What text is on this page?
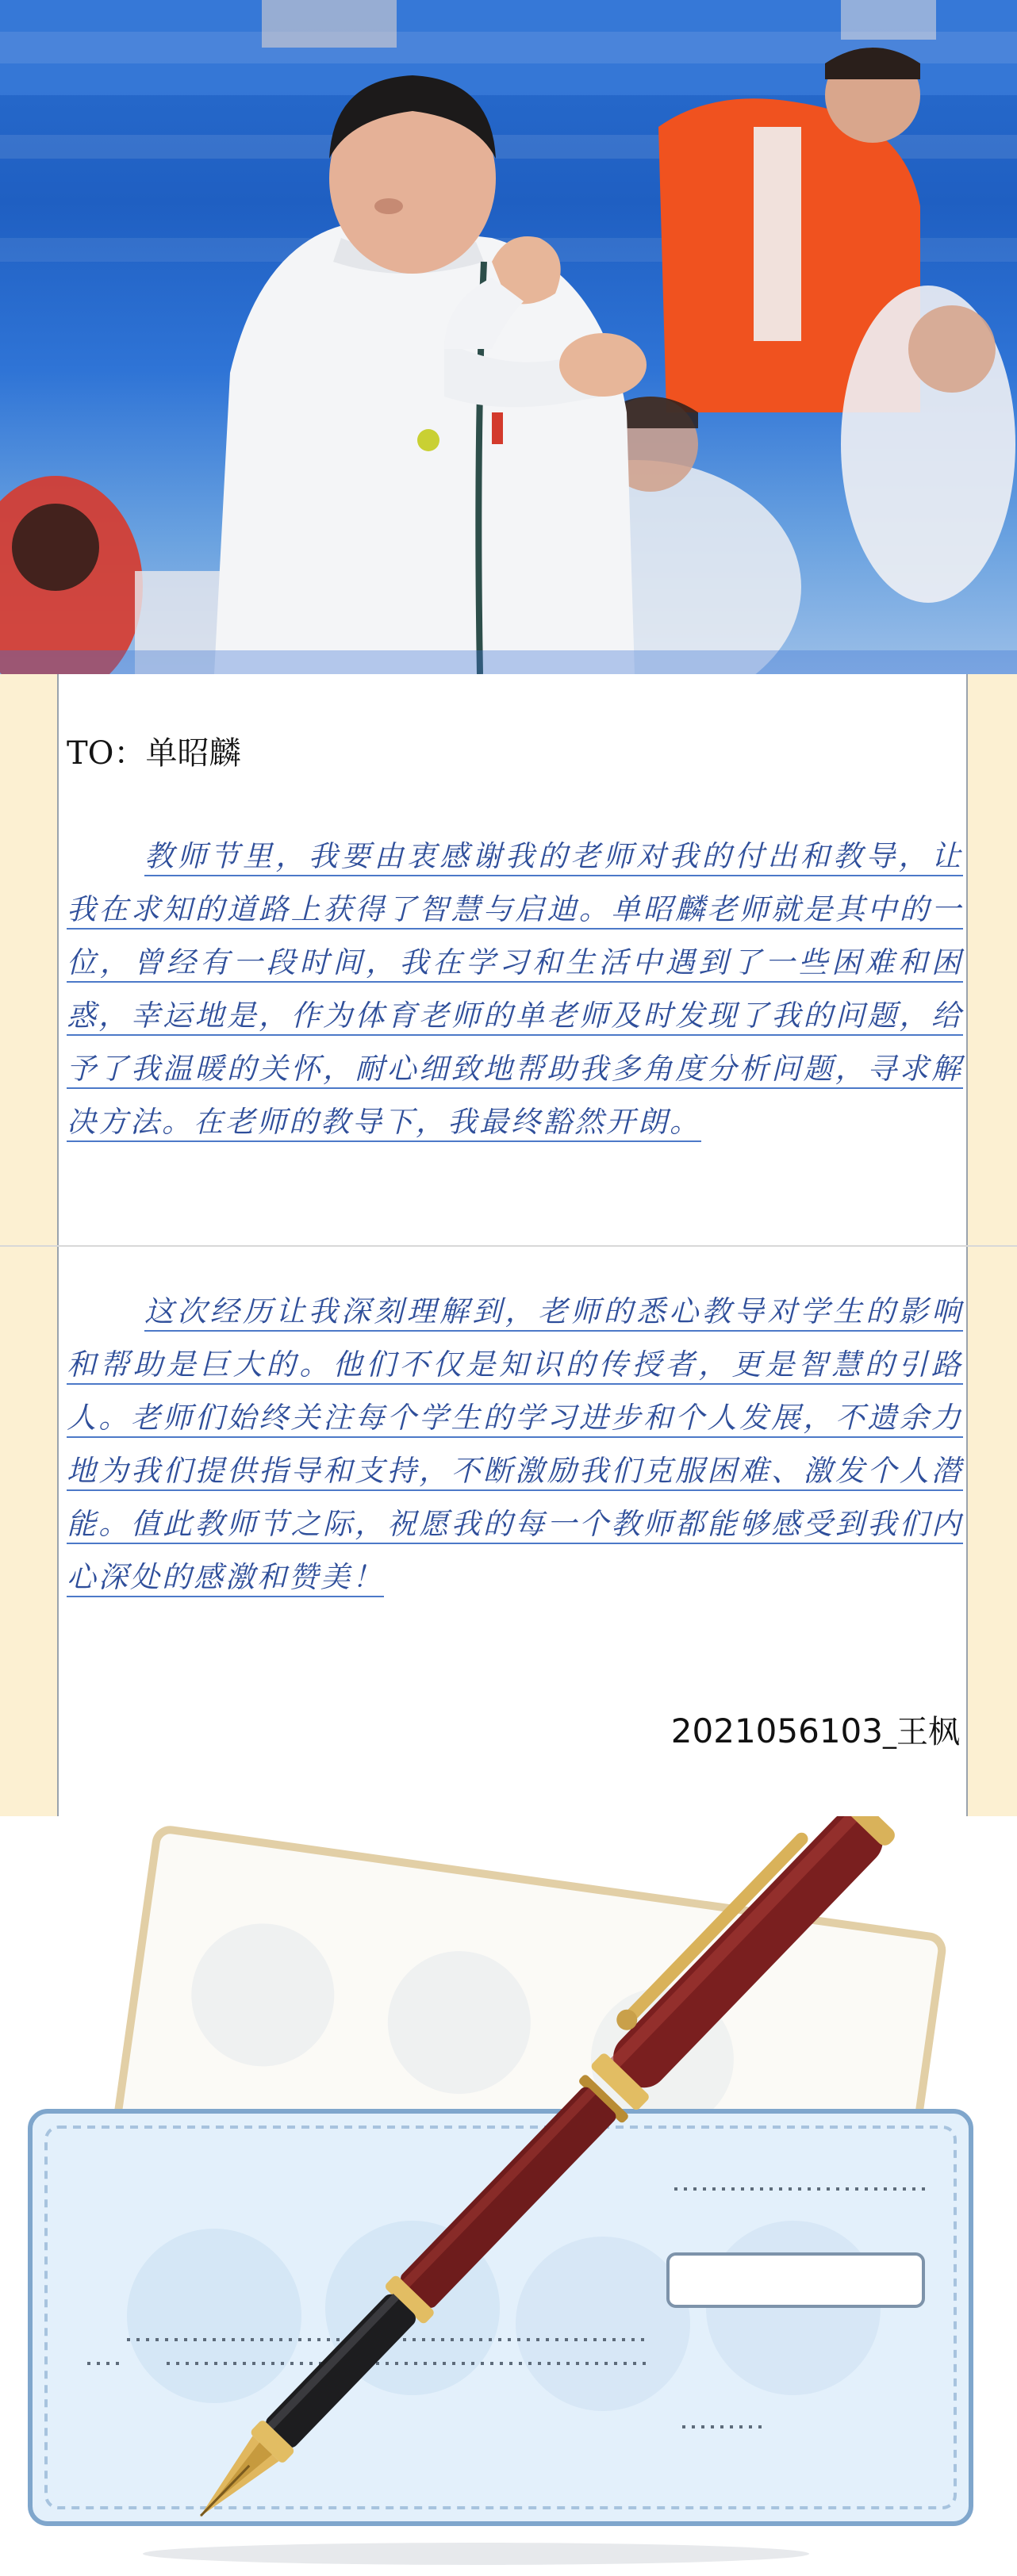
TO：单昭麟
教师节里，我要由衷感谢我的老师对我的付出和教导，让我在求知的道路上获得了智慧与启迪。单昭麟老师就是其中的一位，曾经有一段时间，我在学习和生活中遇到了一些困难和困惑，幸运地是，作为体育老师的单老师及时发现了我的问题，给予了我温暖的关怀，耐心细致地帮助我多角度分析问题，寻求解决方法。在老师的教导下，我最终豁然开朗。
这次经历让我深刻理解到，老师的悉心教导对学生的影响和帮助是巨大的。他们不仅是知识的传授者，更是智慧的引路人。老师们始终关注每个学生的学习进步和个人发展，不遗余力地为我们提供指导和支持，不断激励我们克服困难、激发个人潜能。值此教师节之际，祝愿我的每一个教师都能够感受到我们内心深处的感激和赞美！
2021056103_王枫
